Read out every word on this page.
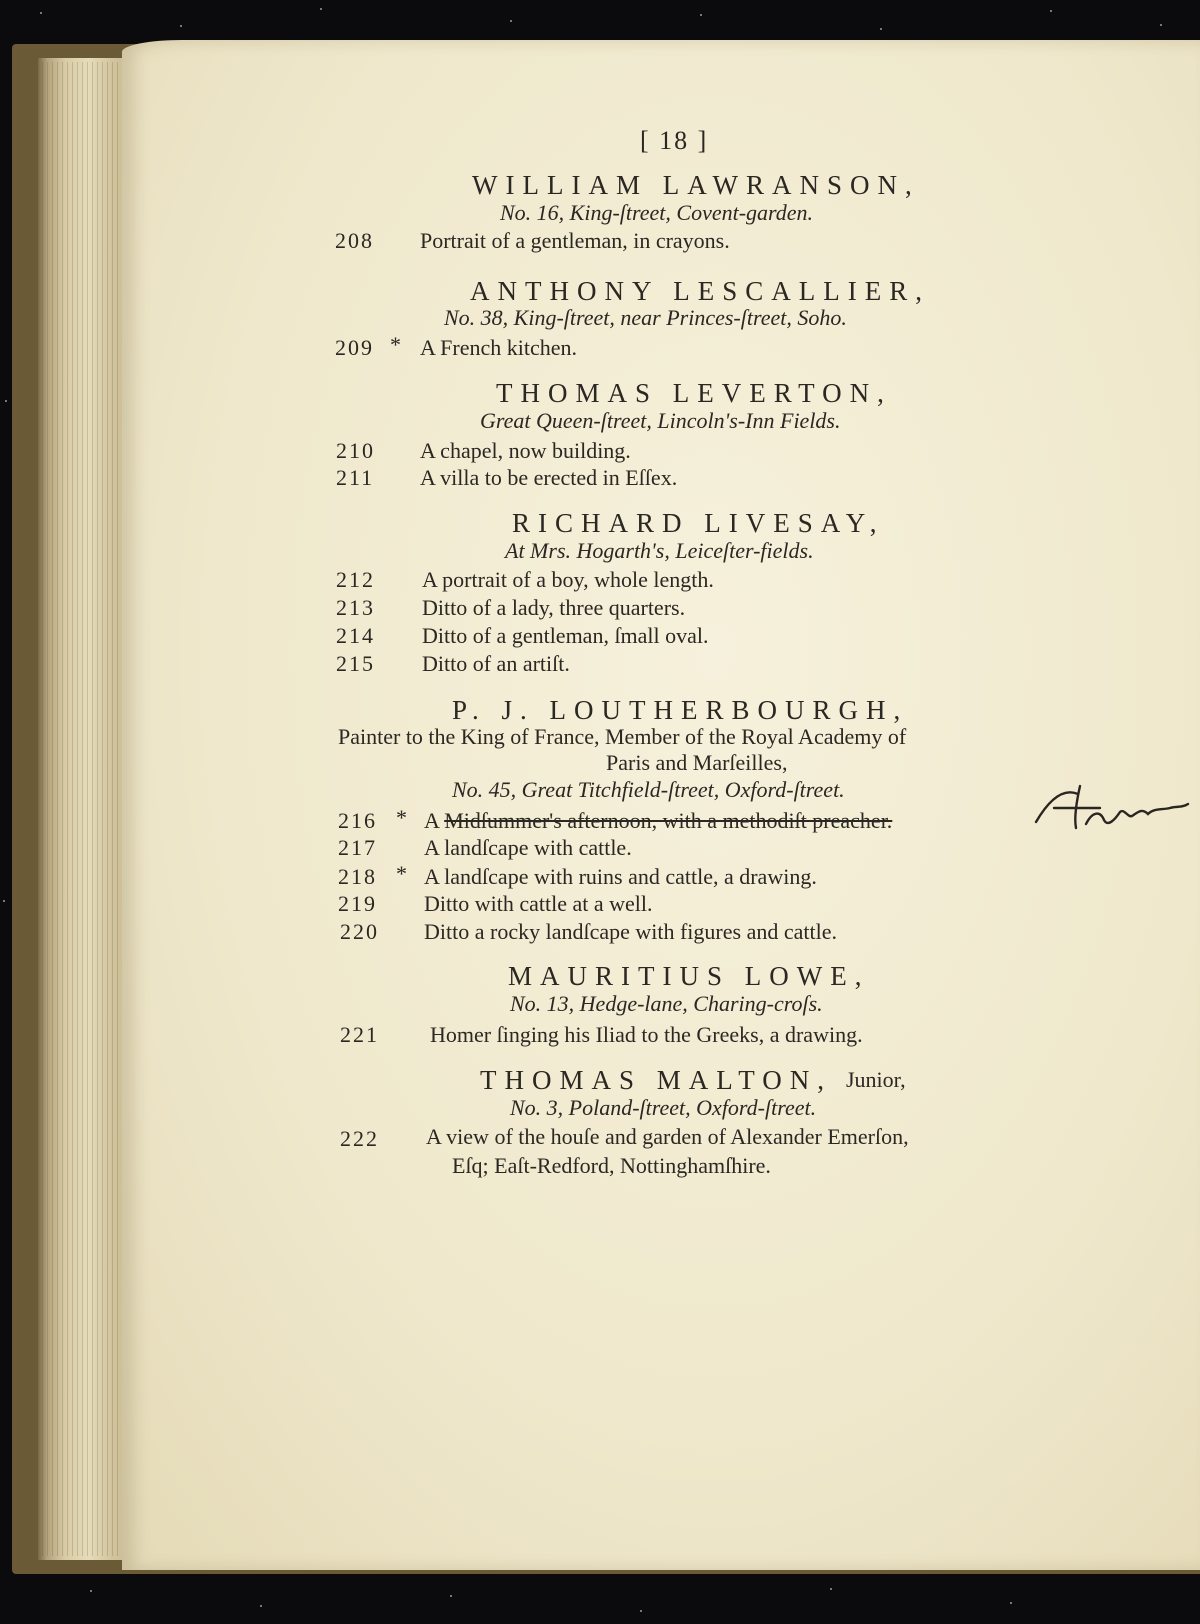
[ 18 ]
WILLIAM LAWRANSON,
No. 16, King-ſtreet, Covent-garden.
208 Portrait of a gentleman, in crayons.
ANTHONY LESCALLIER,
No. 38, King-ſtreet, near Princes-ſtreet, Soho.
209 * A French kitchen.
THOMAS LEVERTON,
Great Queen-ſtreet, Lincoln's-Inn Fields.
210 A chapel, now building.
211 A villa to be erected in Eſſex.
RICHARD LIVESAY,
At Mrs. Hogarth's, Leiceſter-fields.
212 A portrait of a boy, whole length.
213 Ditto of a lady, three quarters.
214 Ditto of a gentleman, ſmall oval.
215 Ditto of an artiſt.
P. J. LOUTHERBOURGH,
Painter to the King of France, Member of the Royal Academy of
Paris and Marſeilles,
No. 45, Great Titchfield-ſtreet, Oxford-ſtreet.
216 * A Midſummer's afternoon, with a methodiſt preacher.
217 A landſcape with cattle.
218 * A landſcape with ruins and cattle, a drawing.
219 Ditto with cattle at a well.
220 Ditto a rocky landſcape with figures and cattle.
MAURITIUS LOWE,
No. 13, Hedge-lane, Charing-croſs.
221 Homer ſinging his Iliad to the Greeks, a drawing.
THOMAS MALTON, Junior,
No. 3, Poland-ſtreet, Oxford-ſtreet.
222 A view of the houſe and garden of Alexander Emerſon,
Eſq; Eaſt-Redford, Nottinghamſhire.
